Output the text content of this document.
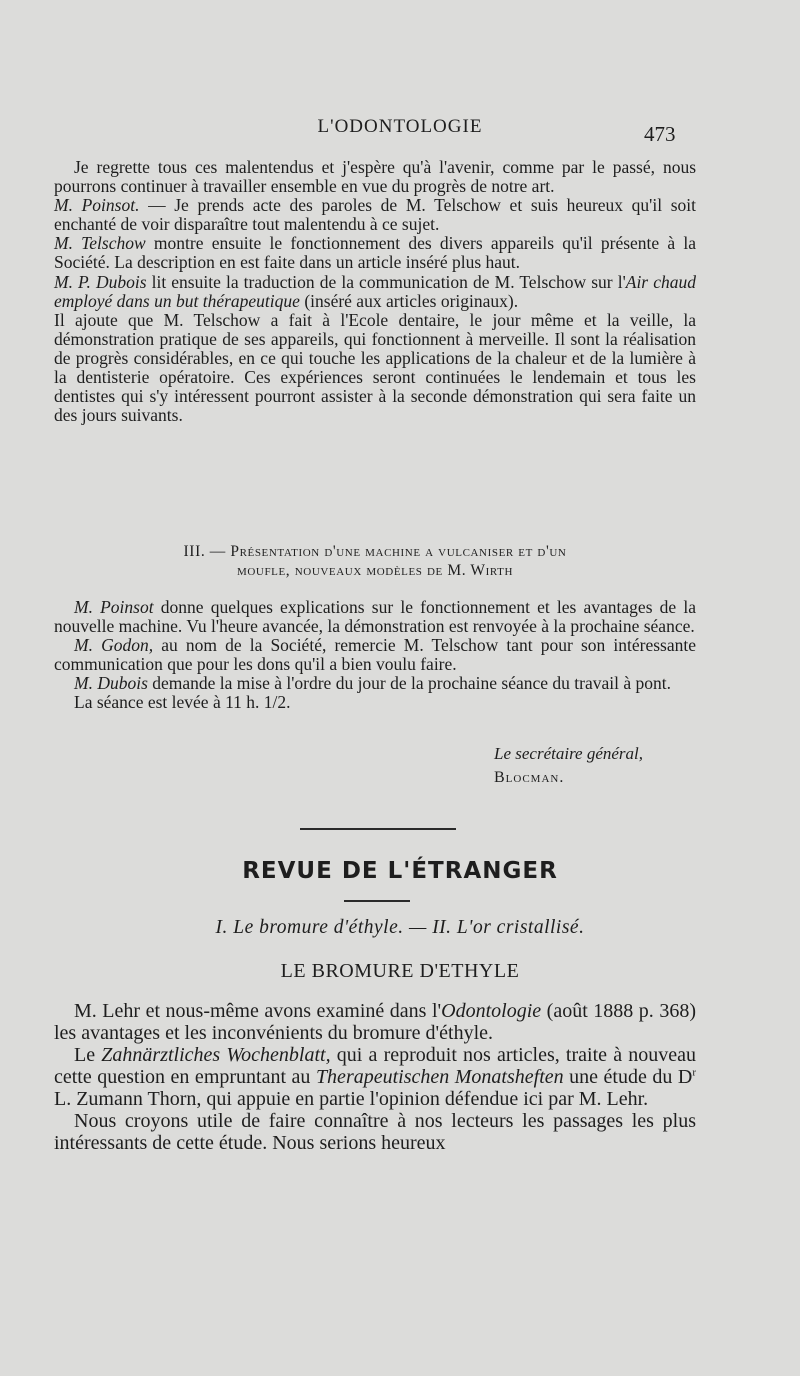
L'ODONTOLOGIE	473

Je regrette tous ces malentendus et j'espère qu'à l'avenir, comme par le passé, nous pourrons continuer à travailler ensemble en vue du progrès de notre art.

M. Poinsot. — Je prends acte des paroles de M. Telschow et suis heureux qu'il soit enchanté de voir disparaître tout malentendu à ce sujet.

M. Telschow montre ensuite le fonctionnement des divers appareils qu'il présente à la Société. La description en est faite dans un article inséré plus haut.

M. P. Dubois lit ensuite la traduction de la communication de M. Telschow sur l'Air chaud employé dans un but thérapeutique (inséré aux articles originaux).

Il ajoute que M. Telschow a fait à l'Ecole dentaire, le jour même et la veille, la démonstration pratique de ses appareils, qui fonctionnent à merveille. Il sont la réalisation de progrès considérables, en ce qui touche les applications de la chaleur et de la lumière à la dentisterie opératoire. Ces expériences seront continuées le lendemain et tous les dentistes qui s'y intéressent pourront assister à la seconde démonstration qui sera faite un des jours suivants.

III. — Présentation d'une machine a vulcaniser et d'un
moufle, nouveaux modèles de M. Wirth

M. Poinsot donne quelques explications sur le fonctionnement et les avantages de la nouvelle machine. Vu l'heure avancée, la démonstration est renvoyée à la prochaine séance.

M. Godon, au nom de la Société, remercie M. Telschow tant pour son intéressante communication que pour les dons qu'il a bien voulu faire.

M. Dubois demande la mise à l'ordre du jour de la prochaine séance du travail à pont.

La séance est levée à 11 h. 1/2.

Le secrétaire général,
Blocman.
REVUE DE L'ÉTRANGER
I. Le bromure d'éthyle. — II. L'or cristallisé.
LE BROMURE D'ETHYLE

M. Lehr et nous-même avons examiné dans l'Odontologie (août 1888 p. 368) les avantages et les inconvénients du bromure d'éthyle.

Le Zahnärztliches Wochenblatt, qui a reproduit nos articles, traite à nouveau cette question en empruntant au Therapeutischen Monatsheften une étude du $D^r$ L. Zumann Thorn, qui appuie en partie l'opinion défendue ici par M. Lehr.

Nous croyons utile de faire connaître à nos lecteurs les passages les plus intéressants de cette étude. Nous serions heureux
